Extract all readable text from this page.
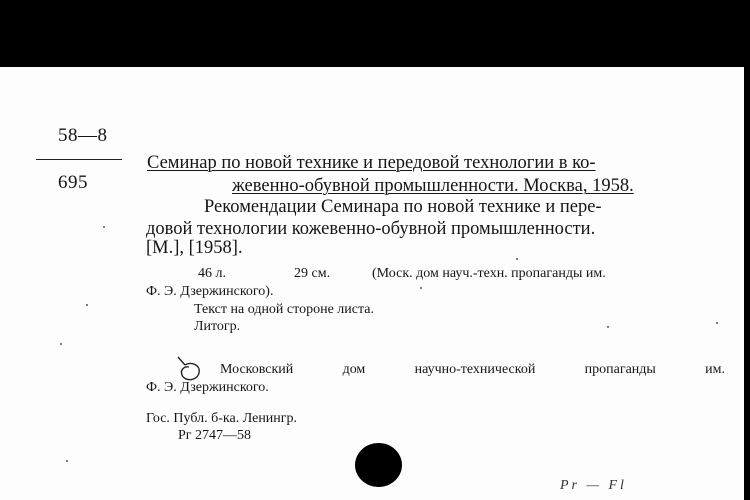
58—8
695
Семинар по новой технике и передовой технологии в ко-
жевенно-обувной промышленности. Москва, 1958.
Рекомендации Семинара по новой технике и пере-
довой технологии кожевенно-обувной промышленности.
[М.], [1958].
46 л.	29 см.	(Моск. дом науч.-техн. пропаганды им.
Ф. Э. Дзержинского).
Текст на одной стороне листа.
Литогр.
Московский	дом	научно-технической	пропаганды	им.
Ф. Э. Дзержинского.
Гос. Публ. б-ка. Ленингр.
Рг 2747—58
Pr — Fl
